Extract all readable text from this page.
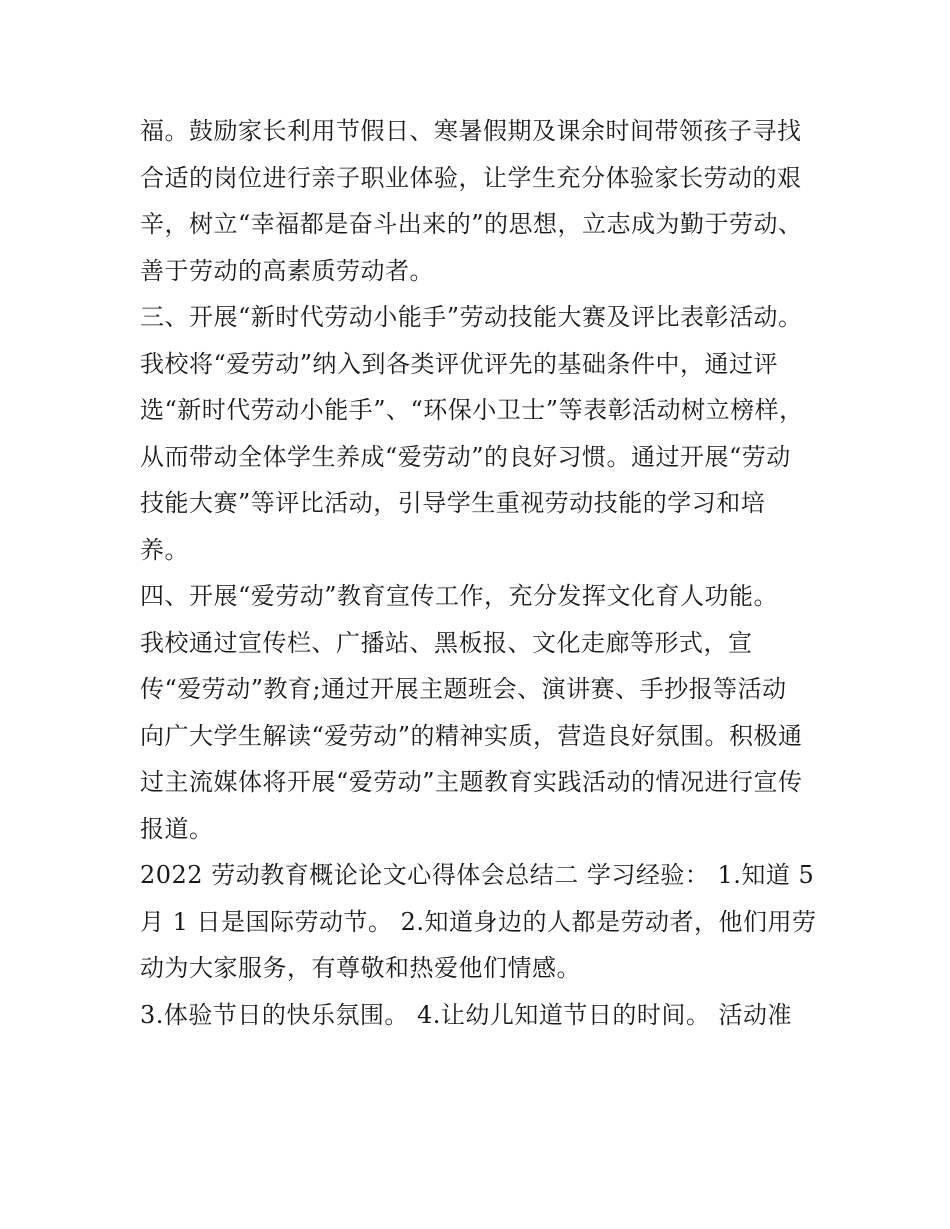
福。鼓励家长利用节假日、寒暑假期及课余时间带领孩子寻找
合适的岗位进行亲子职业体验，让学生充分体验家长劳动的艰
辛，树立“幸福都是奋斗出来的”的思想，立志成为勤于劳动、
善于劳动的高素质劳动者。
三、开展“新时代劳动小能手”劳动技能大赛及评比表彰活动。
我校将“爱劳动”纳入到各类评优评先的基础条件中，通过评
选“新时代劳动小能手”、“环保小卫士”等表彰活动树立榜样，
从而带动全体学生养成“爱劳动”的良好习惯。通过开展“劳动
技能大赛”等评比活动，引导学生重视劳动技能的学习和培
养。
四、开展“爱劳动”教育宣传工作，充分发挥文化育人功能。
我校通过宣传栏、广播站、黑板报、文化走廊等形式，宣
传“爱劳动”教育;通过开展主题班会、演讲赛、手抄报等活动
向广大学生解读“爱劳动”的精神实质，营造良好氛围。积极通
过主流媒体将开展“爱劳动”主题教育实践活动的情况进行宣传
报道。
2022 劳动教育概论论文心得体会总结二 学习经验： 1.知道 5
月 1 日是国际劳动节。 2.知道身边的人都是劳动者，他们用劳
动为大家服务，有尊敬和热爱他们情感。
3.体验节日的快乐氛围。 4.让幼儿知道节日的时间。 活动准
